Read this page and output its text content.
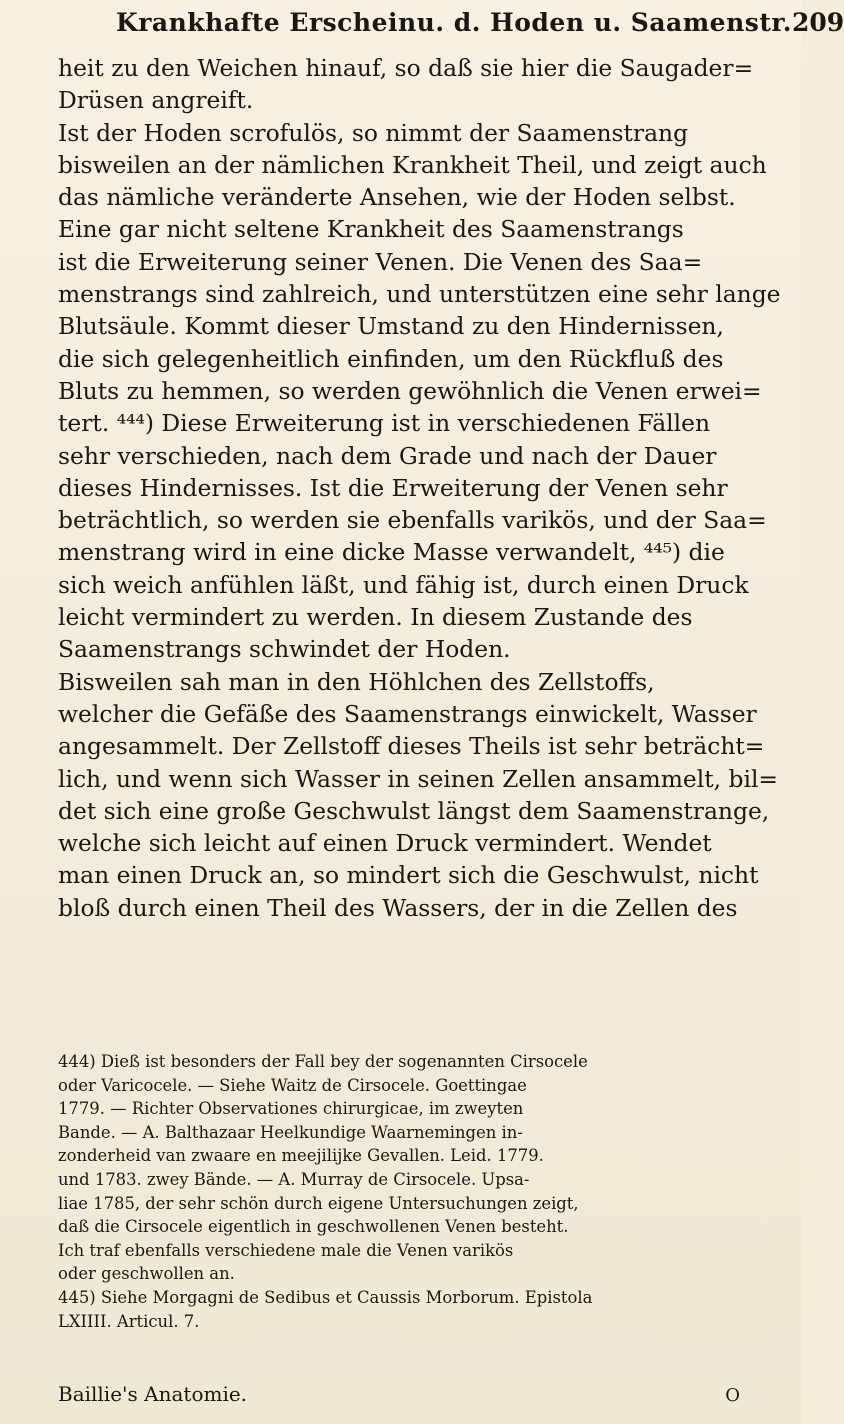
Krankhafte Erscheinu. d. Hoden u. Saamenstr. 209
heit zu den Weichen hinauf, so daß sie hier die Saugader=
Drüsen angreift.
Ist der Hoden scrofulös, so nimmt der Saamenstrang
bisweilen an der nämlichen Krankheit Theil, und zeigt auch
das nämliche veränderte Ansehen, wie der Hoden selbst.
Eine gar nicht seltene Krankheit des Saamenstrangs
ist die Erweiterung seiner Venen. Die Venen des Saa=
menstrangs sind zahlreich, und unterstützen eine sehr lange
Blutsäule. Kommt dieser Umstand zu den Hindernissen,
die sich gelegenheitlich einfinden, um den Rückfluß des
Bluts zu hemmen, so werden gewöhnlich die Venen erwei=
tert. ⁴⁴⁴) Diese Erweiterung ist in verschiedenen Fällen
sehr verschieden, nach dem Grade und nach der Dauer
dieses Hindernisses. Ist die Erweiterung der Venen sehr
beträchtlich, so werden sie ebenfalls varikös, und der Saa=
menstrang wird in eine dicke Masse verwandelt, ⁴⁴⁵) die
sich weich anfühlen läßt, und fähig ist, durch einen Druck
leicht vermindert zu werden. In diesem Zustande des
Saamenstrangs schwindet der Hoden.
Bisweilen sah man in den Höhlchen des Zellstoffs,
welcher die Gefäße des Saamenstrangs einwickelt, Wasser
angesammelt. Der Zellstoff dieses Theils ist sehr beträcht=
lich, und wenn sich Wasser in seinen Zellen ansammelt, bil=
det sich eine große Geschwulst längst dem Saamenstrange,
welche sich leicht auf einen Druck vermindert. Wendet
man einen Druck an, so mindert sich die Geschwulst, nicht
bloß durch einen Theil des Wassers, der in die Zellen des
444) Dieß ist besonders der Fall bey der sogenannten Cirsocele
oder Varicocele. — Siehe Waitz de Cirsocele. Goettingae
1779. — Richter Observationes chirurgicae, im zweyten
Bande. — A. Balthazaar Heelkundige Waarnemingen in-
zonderheid van zwaare en meejilijke Gevallen. Leid. 1779.
und 1783. zwey Bände. — A. Murray de Cirsocele. Upsa-
liae 1785, der sehr schön durch eigene Untersuchungen zeigt,
daß die Cirsocele eigentlich in geschwollenen Venen besteht.
Ich traf ebenfalls verschiedene male die Venen varikös
oder geschwollen an.
445) Siehe Morgagni de Sedibus et Caussis Morborum. Epistola
LXIIII. Articul. 7.
Baillie's Anatomie.	O
